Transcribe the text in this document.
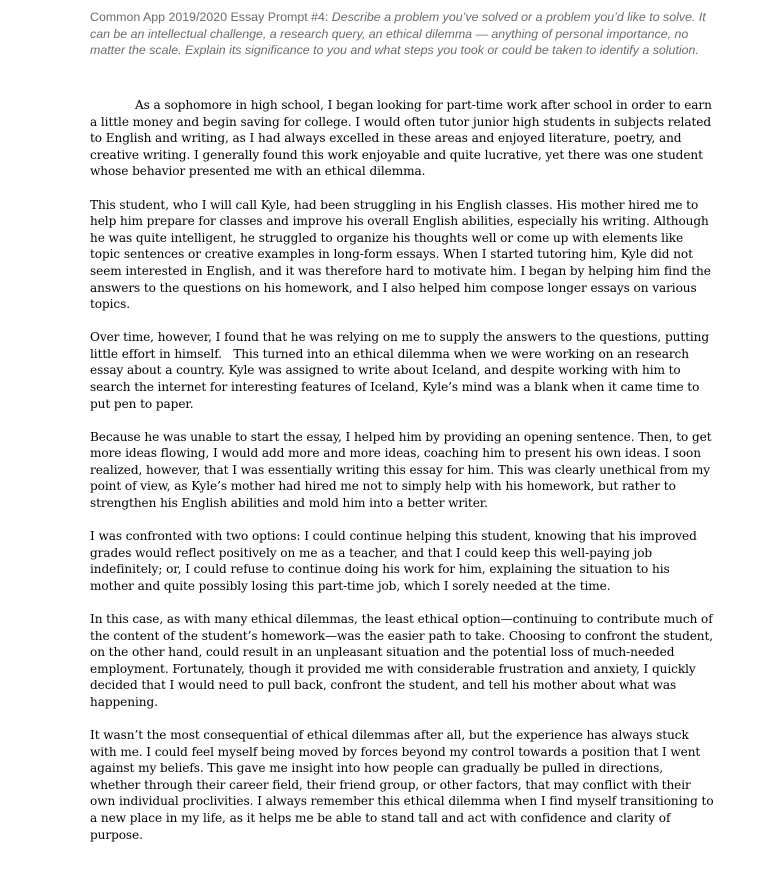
Common App 2019/2020 Essay Prompt #4: Describe a problem you’ve solved or a problem you’d like to solve. It can be an intellectual challenge, a research query, an ethical dilemma — anything of personal importance, no matter the scale. Explain its significance to you and what steps you took or could be taken to identify a solution.

As a sophomore in high school, I began looking for part-time work after school in order to earn a little money and begin saving for college. I would often tutor junior high students in subjects related to English and writing, as I had always excelled in these areas and enjoyed literature, poetry, and creative writing. I generally found this work enjoyable and quite lucrative, yet there was one student whose behavior presented me with an ethical dilemma.

This student, who I will call Kyle, had been struggling in his English classes. His mother hired me to help him prepare for classes and improve his overall English abilities, especially his writing. Although he was quite intelligent, he struggled to organize his thoughts well or come up with elements like topic sentences or creative examples in long-form essays. When I started tutoring him, Kyle did not seem interested in English, and it was therefore hard to motivate him. I began by helping him find the answers to the questions on his homework, and I also helped him compose longer essays on various topics.

Over time, however, I found that he was relying on me to supply the answers to the questions, putting little effort in himself.   This turned into an ethical dilemma when we were working on an research essay about a country. Kyle was assigned to write about Iceland, and despite working with him to search the internet for interesting features of Iceland, Kyle’s mind was a blank when it came time to put pen to paper.

Because he was unable to start the essay, I helped him by providing an opening sentence. Then, to get more ideas flowing, I would add more and more ideas, coaching him to present his own ideas. I soon realized, however, that I was essentially writing this essay for him. This was clearly unethical from my point of view, as Kyle’s mother had hired me not to simply help with his homework, but rather to strengthen his English abilities and mold him into a better writer.

I was confronted with two options: I could continue helping this student, knowing that his improved grades would reflect positively on me as a teacher, and that I could keep this well-paying job indefinitely; or, I could refuse to continue doing his work for him, explaining the situation to his mother and quite possibly losing this part-time job, which I sorely needed at the time.

In this case, as with many ethical dilemmas, the least ethical option—continuing to contribute much of the content of the student’s homework—was the easier path to take. Choosing to confront the student, on the other hand, could result in an unpleasant situation and the potential loss of much-needed employment. Fortunately, though it provided me with considerable frustration and anxiety, I quickly decided that I would need to pull back, confront the student, and tell his mother about what was happening.

It wasn’t the most consequential of ethical dilemmas after all, but the experience has always stuck with me. I could feel myself being moved by forces beyond my control towards a position that I went against my beliefs. This gave me insight into how people can gradually be pulled in directions, whether through their career field, their friend group, or other factors, that may conflict with their own individual proclivities. I always remember this ethical dilemma when I find myself transitioning to a new place in my life, as it helps me be able to stand tall and act with confidence and clarity of purpose.
